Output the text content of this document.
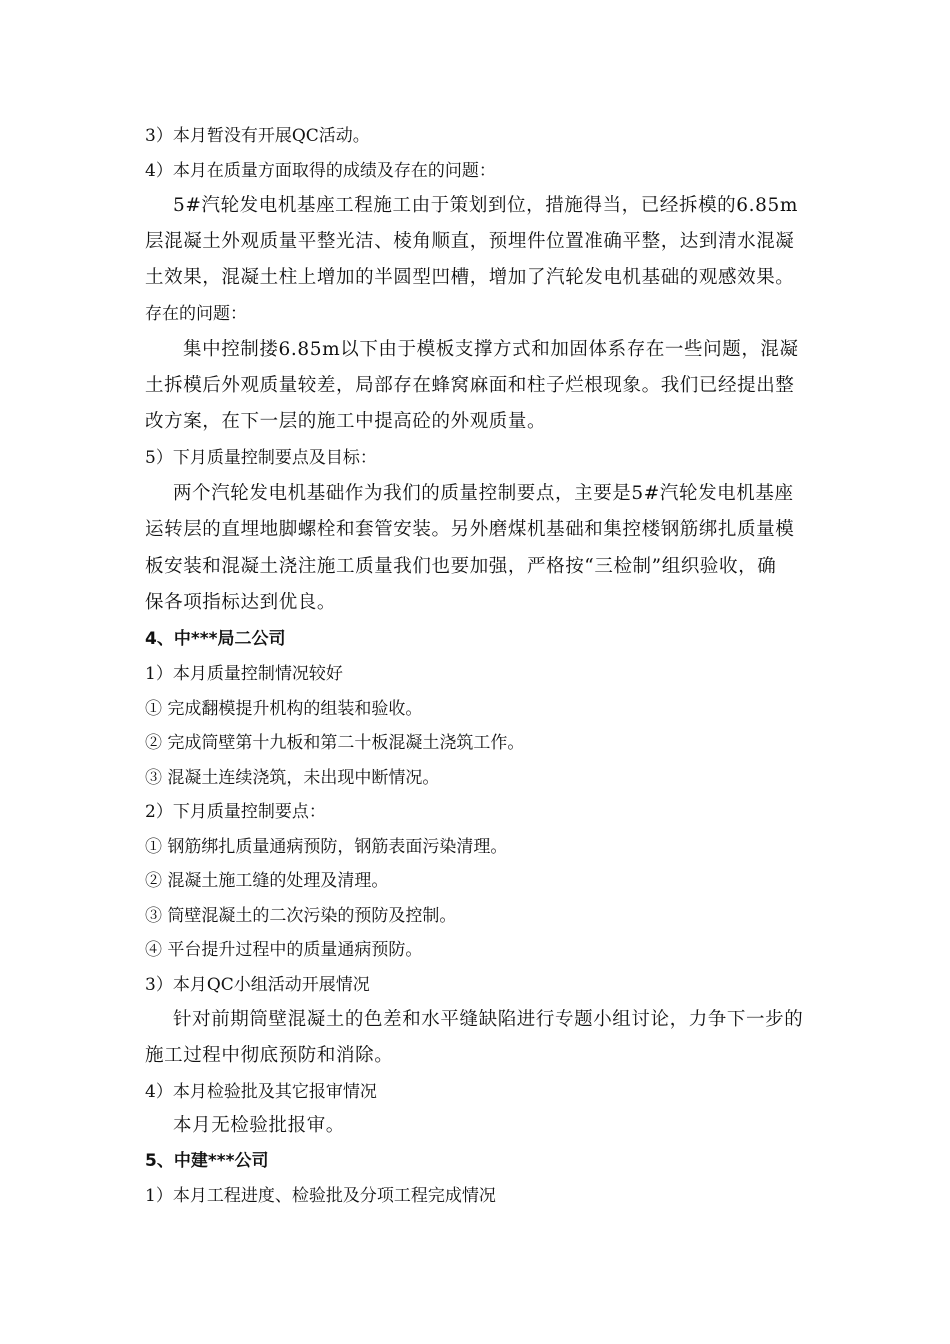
3）本月暂没有开展QC活动。
4）本月在质量方面取得的成绩及存在的问题：
5#汽轮发电机基座工程施工由于策划到位，措施得当，已经拆模的6.85m
层混凝土外观质量平整光洁、棱角顺直，预埋件位置准确平整，达到清水混凝
土效果，混凝土柱上增加的半圆型凹槽，增加了汽轮发电机基础的观感效果。
存在的问题：
集中控制搂6.85m以下由于模板支撑方式和加固体系存在一些问题，混凝
土拆模后外观质量较差，局部存在蜂窝麻面和柱子烂根现象。我们已经提出整
改方案，在下一层的施工中提高砼的外观质量。
5）下月质量控制要点及目标：
两个汽轮发电机基础作为我们的质量控制要点，主要是5#汽轮发电机基座
运转层的直埋地脚螺栓和套管安装。另外磨煤机基础和集控楼钢筋绑扎质量模
板安装和混凝土浇注施工质量我们也要加强，严格按“三检制”组织验收，确
保各项指标达到优良。
4、中***局二公司
1）本月质量控制情况较好
① 完成翻模提升机构的组装和验收。
② 完成筒壁第十九板和第二十板混凝土浇筑工作。
③ 混凝土连续浇筑，未出现中断情况。
2）下月质量控制要点：
① 钢筋绑扎质量通病预防，钢筋表面污染清理。
② 混凝土施工缝的处理及清理。
③ 筒壁混凝土的二次污染的预防及控制。
④ 平台提升过程中的质量通病预防。
3）本月QC小组活动开展情况
针对前期筒壁混凝土的色差和水平缝缺陷进行专题小组讨论，力争下一步的
施工过程中彻底预防和消除。
4）本月检验批及其它报审情况
本月无检验批报审。
5、中建***公司
1）本月工程进度、检验批及分项工程完成情况
